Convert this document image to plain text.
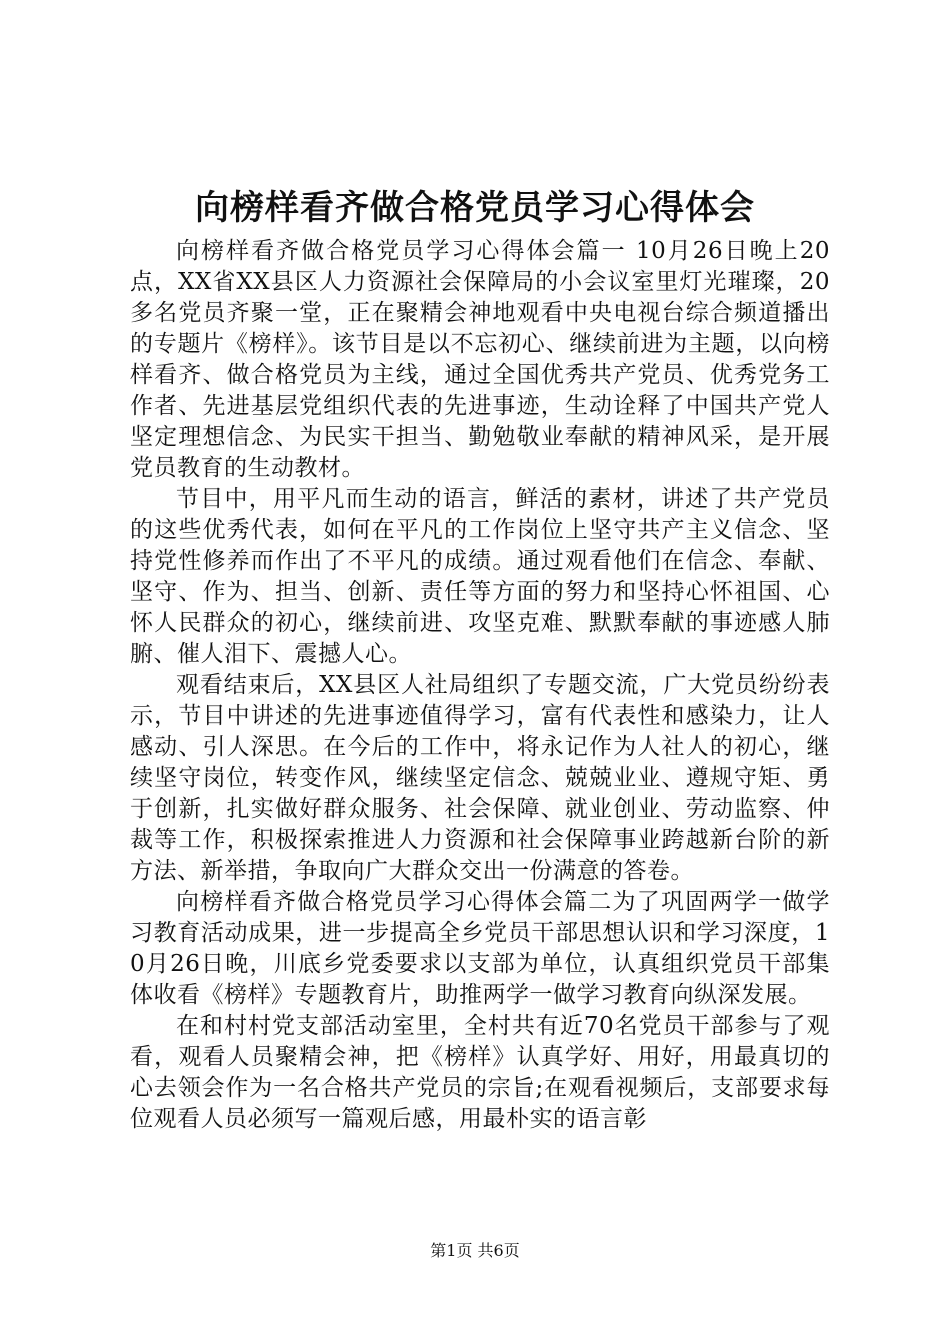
向榜样看齐做合格党员学习心得体会

向榜样看齐做合格党员学习心得体会篇一 10月26日晚上20点，XX省XX县区人力资源社会保障局的小会议室里灯光璀璨，20多名党员齐聚一堂，正在聚精会神地观看中央电视台综合频道播出的专题片《榜样》。该节目是以不忘初心、继续前进为主题，以向榜样看齐、做合格党员为主线，通过全国优秀共产党员、优秀党务工作者、先进基层党组织代表的先进事迹，生动诠释了中国共产党人坚定理想信念、为民实干担当、勤勉敬业奉献的精神风采，是开展党员教育的生动教材。

节目中，用平凡而生动的语言，鲜活的素材，讲述了共产党员的这些优秀代表，如何在平凡的工作岗位上坚守共产主义信念、坚持党性修养而作出了不平凡的成绩。通过观看他们在信念、奉献、坚守、作为、担当、创新、责任等方面的努力和坚持心怀祖国、心怀人民群众的初心，继续前进、攻坚克难、默默奉献的事迹感人肺腑、催人泪下、震撼人心。

观看结束后，XX县区人社局组织了专题交流，广大党员纷纷表示，节目中讲述的先进事迹值得学习，富有代表性和感染力，让人感动、引人深思。在今后的工作中，将永记作为人社人的初心，继续坚守岗位，转变作风，继续坚定信念、兢兢业业、遵规守矩、勇于创新，扎实做好群众服务、社会保障、就业创业、劳动监察、仲裁等工作，积极探索推进人力资源和社会保障事业跨越新台阶的新方法、新举措，争取向广大群众交出一份满意的答卷。

向榜样看齐做合格党员学习心得体会篇二为了巩固两学一做学习教育活动成果，进一步提高全乡党员干部思想认识和学习深度，10月26日晚，川底乡党委要求以支部为单位，认真组织党员干部集体收看《榜样》专题教育片，助推两学一做学习教育向纵深发展。

在和村村党支部活动室里，全村共有近70名党员干部参与了观看，观看人员聚精会神，把《榜样》认真学好、用好，用最真切的心去领会作为一名合格共产党员的宗旨;在观看视频后，支部要求每位观看人员必须写一篇观后感，用最朴实的语言彰

第1页 共6页
